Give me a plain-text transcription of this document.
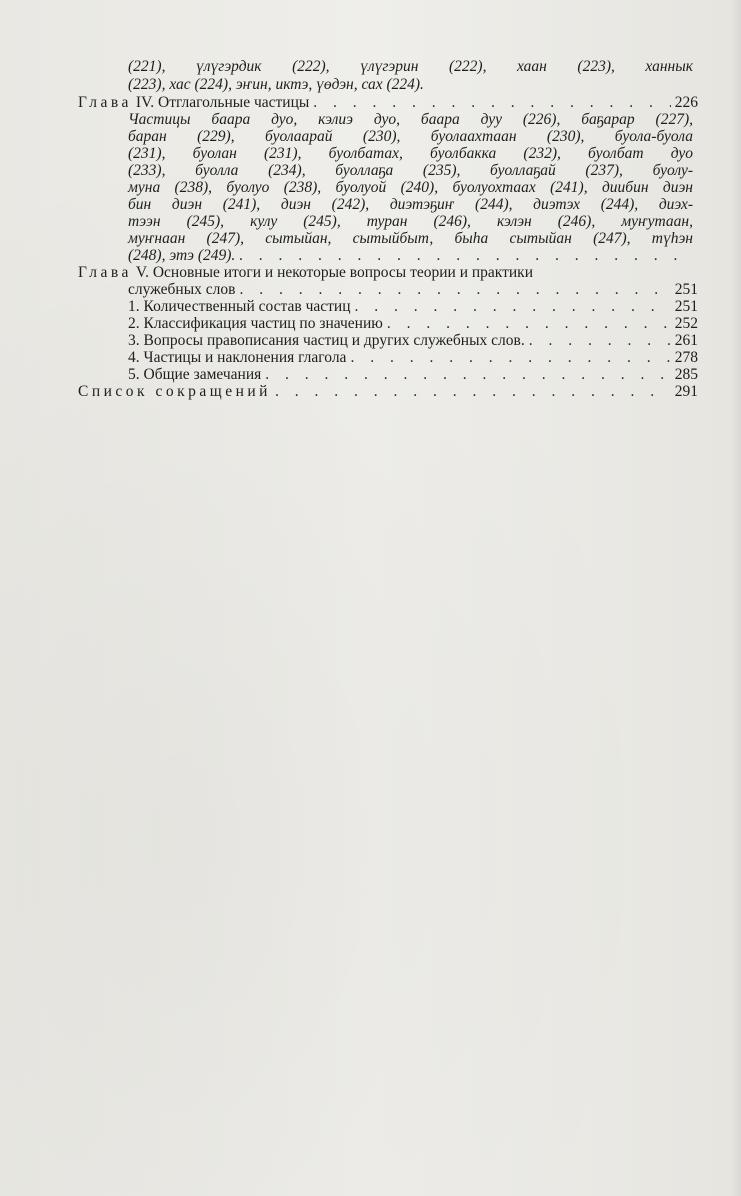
(221), үлүгэрдик (222), үлүгэрин (222), хаан (223), ханнык
(223), хас (224), эҥин, иктэ, үөдэн, сах (224).
Глава IV. Отглагольные частицы . . .	226
Частицы баара дуо, кэлиэ дуо, баара дуу (226), баҕарар (227),
баран (229), буолаарай (230), буолаахтаан (230), буола-буола
(231), буолан (231), буолбатах, буолбакка (232), буолбат дуо
(233), буолла (234), буоллаҕа (235), буоллаҕай (237), буолу-
муна (238), буолуо (238), буолуой (240), буолуохтаах (241), диибин диэн
бин диэн (241), диэн (242), диэтэҕиҥ (244), диэтэх (244), диэх-
тээн (245), кулу (245), туран (246), кэлэн (246), муҥутаан,
муҥнаан (247), сытыйан, сытыйбыт, быһа сытыйан (247), түһэн
(248), этэ (249).
. . .
Глава V. Основные итоги и некоторые вопросы теории и практики
служебных слов . . .	251
1. Количественный состав частиц . . .	251
2. Классификация частиц по значению . . .	252
3. Вопросы правописания частиц и других служебных слов. . . .	261
4. Частицы и наклонения глагола . . .	278
5. Общие замечания . . .	285
Список сокращений . . .	291
